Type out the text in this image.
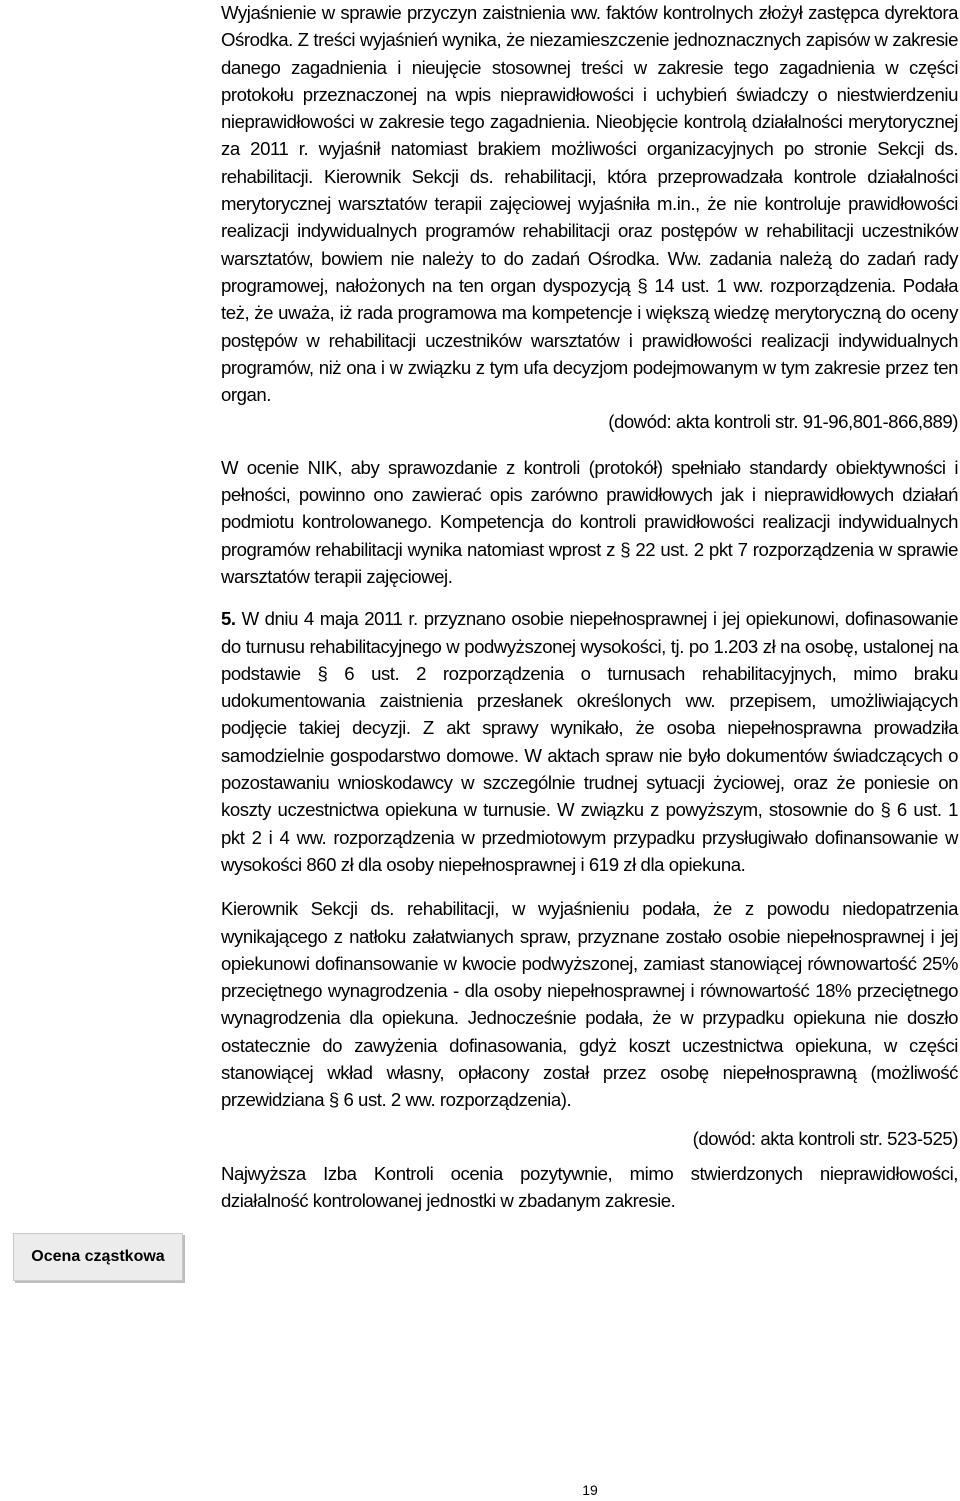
Wyjaśnienie w sprawie przyczyn zaistnienia ww. faktów kontrolnych złożył zastępca dyrektora Ośrodka. Z treści wyjaśnień wynika, że niezamieszczenie jednoznacznych zapisów w zakresie danego zagadnienia i nieujęcie stosownej treści w zakresie tego zagadnienia w części protokołu przeznaczonej na wpis nieprawidłowości i uchybień świadczy o niestwierdzeniu nieprawidłowości w zakresie tego zagadnienia. Nieobjęcie kontrolą działalności merytorycznej za 2011 r. wyjaśnił natomiast brakiem możliwości organizacyjnych po stronie Sekcji ds. rehabilitacji. Kierownik Sekcji ds. rehabilitacji, która przeprowadzała kontrole działalności merytorycznej warsztatów terapii zajęciowej wyjaśniła m.in., że nie kontroluje prawidłowości realizacji indywidualnych programów rehabilitacji oraz postępów w rehabilitacji uczestników warsztatów, bowiem nie należy to do zadań Ośrodka. Ww. zadania należą do zadań rady programowej, nałożonych na ten organ dyspozycją § 14 ust. 1 ww. rozporządzenia. Podała też, że uważa, iż rada programowa ma kompetencje i większą wiedzę merytoryczną do oceny postępów w rehabilitacji uczestników warsztatów i prawidłowości realizacji indywidualnych programów, niż ona i w związku z tym ufa decyzjom podejmowanym w tym zakresie przez ten organ.

(dowód: akta kontroli str. 91-96,801-866,889)

W ocenie NIK, aby sprawozdanie z kontroli (protokół) spełniało standardy obiektywności i pełności, powinno ono zawierać opis zarówno prawidłowych jak i nieprawidłowych działań podmiotu kontrolowanego. Kompetencja do kontroli prawidłowości realizacji indywidualnych programów rehabilitacji wynika natomiast wprost z § 22 ust. 2 pkt 7 rozporządzenia w sprawie warsztatów terapii zajęciowej.

5. W dniu 4 maja 2011 r. przyznano osobie niepełnosprawnej i jej opiekunowi, dofinasowanie do turnusu rehabilitacyjnego w podwyższonej wysokości, tj. po 1.203 zł na osobę, ustalonej na podstawie § 6 ust. 2 rozporządzenia o turnusach rehabilitacyjnych, mimo braku udokumentowania zaistnienia przesłanek określonych ww. przepisem, umożliwiających podjęcie takiej decyzji. Z akt sprawy wynikało, że osoba niepełnosprawna prowadziła samodzielnie gospodarstwo domowe. W aktach spraw nie było dokumentów świadczących o pozostawaniu wnioskodawcy w szczególnie trudnej sytuacji życiowej, oraz że poniesie on koszty uczestnictwa opiekuna w turnusie. W związku z powyższym, stosownie do § 6 ust. 1 pkt 2 i 4 ww. rozporządzenia w przedmiotowym przypadku przysługiwało dofinansowanie w wysokości 860 zł dla osoby niepełnosprawnej i 619 zł dla opiekuna.

Kierownik Sekcji ds. rehabilitacji, w wyjaśnieniu podała, że z powodu niedopatrzenia wynikającego z natłoku załatwianych spraw, przyznane zostało osobie niepełnosprawnej i jej opiekunowi dofinansowanie w kwocie podwyższonej, zamiast stanowiącej równowartość 25% przeciętnego wynagrodzenia - dla osoby niepełnosprawnej i równowartość 18% przeciętnego wynagrodzenia dla opiekuna. Jednocześnie podała, że w przypadku opiekuna nie doszło ostatecznie do zawyżenia dofinasowania, gdyż koszt uczestnictwa opiekuna, w części stanowiącej wkład własny, opłacony został przez osobę niepełnosprawną (możliwość przewidziana § 6 ust. 2 ww. rozporządzenia).

(dowód: akta kontroli str. 523-525)

Najwyższa Izba Kontroli ocenia pozytywnie, mimo stwierdzonych nieprawidłowości, działalność kontrolowanej jednostki w zbadanym zakresie.

Ocena cząstkowa
19
